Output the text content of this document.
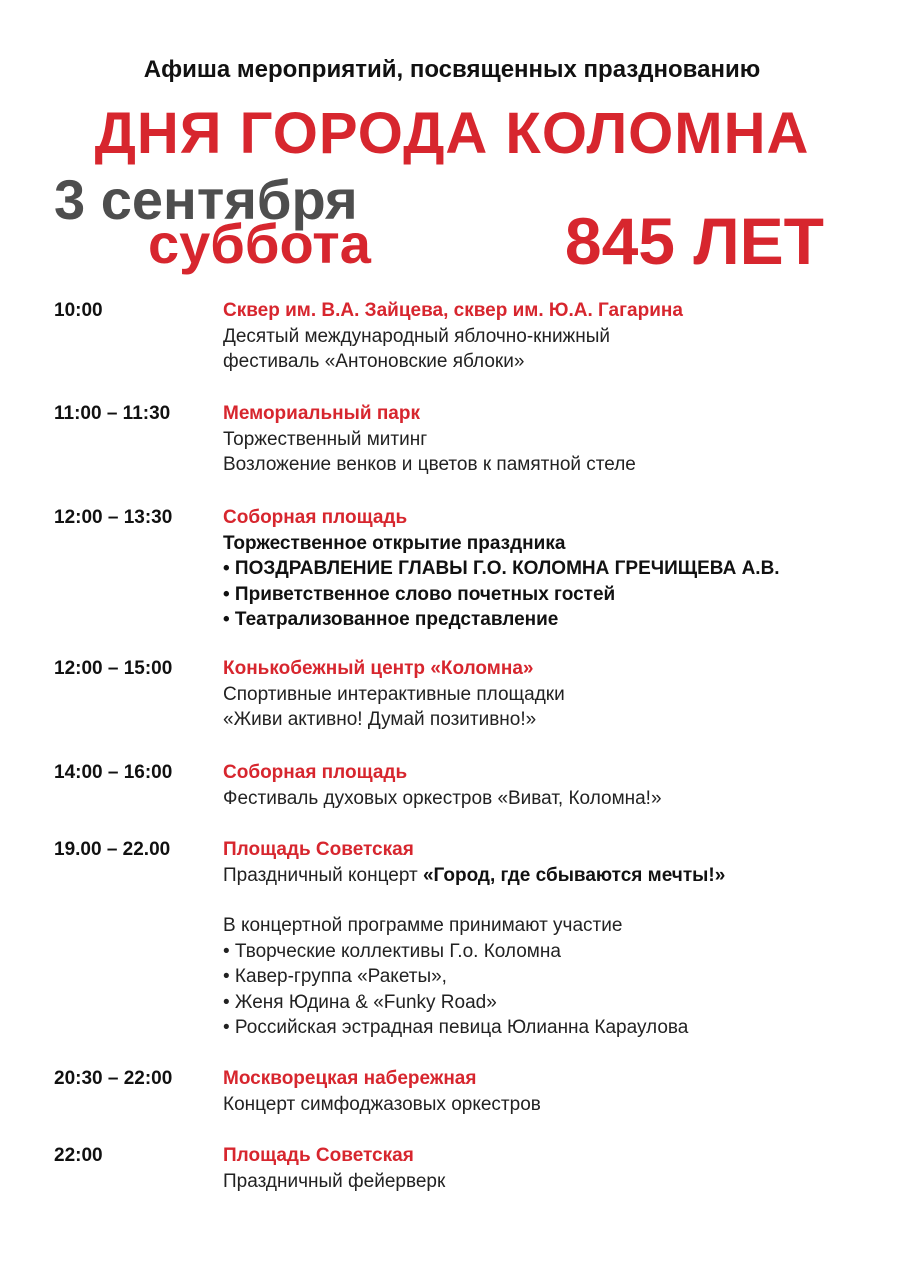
Афиша мероприятий, посвященных празднованию
ДНЯ ГОРОДА КОЛОМНА
3 сентября
суббота	845 ЛЕТ
10:00	Сквер им. В.А. Зайцева, сквер им. Ю.А. Гагарина
Десятый международный яблочно-книжный
фестиваль «Антоновские яблоки»
11:00 – 11:30	Мемориальный парк
Торжественный митинг
Возложение венков и цветов к памятной стеле
12:00 – 13:30	Соборная площадь
Торжественное открытие праздника
• ПОЗДРАВЛЕНИЕ ГЛАВЫ Г.О. КОЛОМНА ГРЕЧИЩЕВА А.В.
• Приветственное слово почетных гостей
• Театрализованное представление
12:00 – 15:00	Конькобежный центр «Коломна»
Спортивные интерактивные площадки
«Живи активно! Думай позитивно!»
14:00 – 16:00	Соборная площадь
Фестиваль духовых оркестров «Виват, Коломна!»
19.00 – 22.00	Площадь Советская
Праздничный концерт «Город, где сбываются мечты!»
В концертной программе принимают участие
• Творческие коллективы Г.о. Коломна
• Кавер-группа «Ракеты»,
• Женя Юдина & «Funky Road»
• Российская эстрадная певица Юлианна Караулова
20:30 – 22:00	Москворецкая набережная
Концерт симфоджазовых оркестров
22:00	Площадь Советская
Праздничный фейерверк
